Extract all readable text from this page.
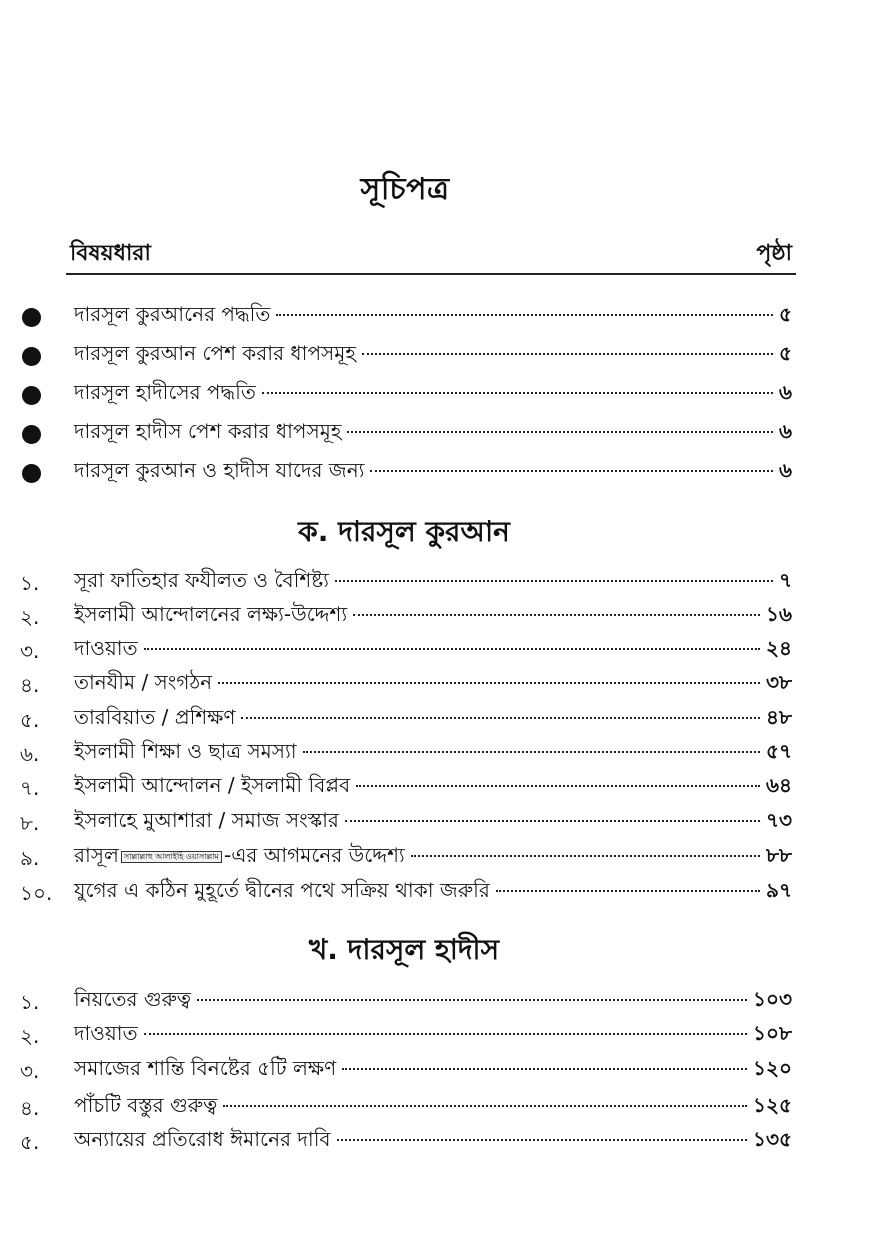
সূচিপত্র
বিষয়ধারা	পৃষ্ঠা
দারসূল কুরআনের পদ্ধতি	৫
দারসূল কুরআন পেশ করার ধাপসমূহ	৫
দারসূল হাদীসের পদ্ধতি	৬
দারসূল হাদীস পেশ করার ধাপসমূহ	৬
দারসূল কুরআন ও হাদীস যাদের জন্য	৬
ক. দারসূল কুরআন
১. সূরা ফাতিহার ফযীলত ও বৈশিষ্ট্য	৭
২. ইসলামী আন্দোলনের লক্ষ্য-উদ্দেশ্য	১৬
৩. দাওয়াত	২৪
৪. তানযীম / সংগঠন	৩৮
৫. তারবিয়াত / প্রশিক্ষণ	৪৮
৬. ইসলামী শিক্ষা ও ছাত্র সমস্যা	৫৭
৭. ইসলামী আন্দোলন / ইসলামী বিপ্লব	৬৪
৮. ইসলাহে মুআশারা / সমাজ সংস্কার	৭৩
৯. রাসূল সাল্লাল্লাহু আলাইহি ওয়াসাল্লাম -এর আগমনের উদ্দেশ্য	৮৮
১০. যুগের এ কঠিন মুহূর্তে দ্বীনের পথে সক্রিয় থাকা জরুরি	৯৭
খ. দারসূল হাদীস
১. নিয়তের গুরুত্ব	১০৩
২. দাওয়াত	১০৮
৩. সমাজের শান্তি বিনষ্টের ৫টি লক্ষণ	১২০
৪. পাঁচটি বস্তুর গুরুত্ব	১২৫
৫. অন্যায়ের প্রতিরোধ ঈমানের দাবি	১৩৫
